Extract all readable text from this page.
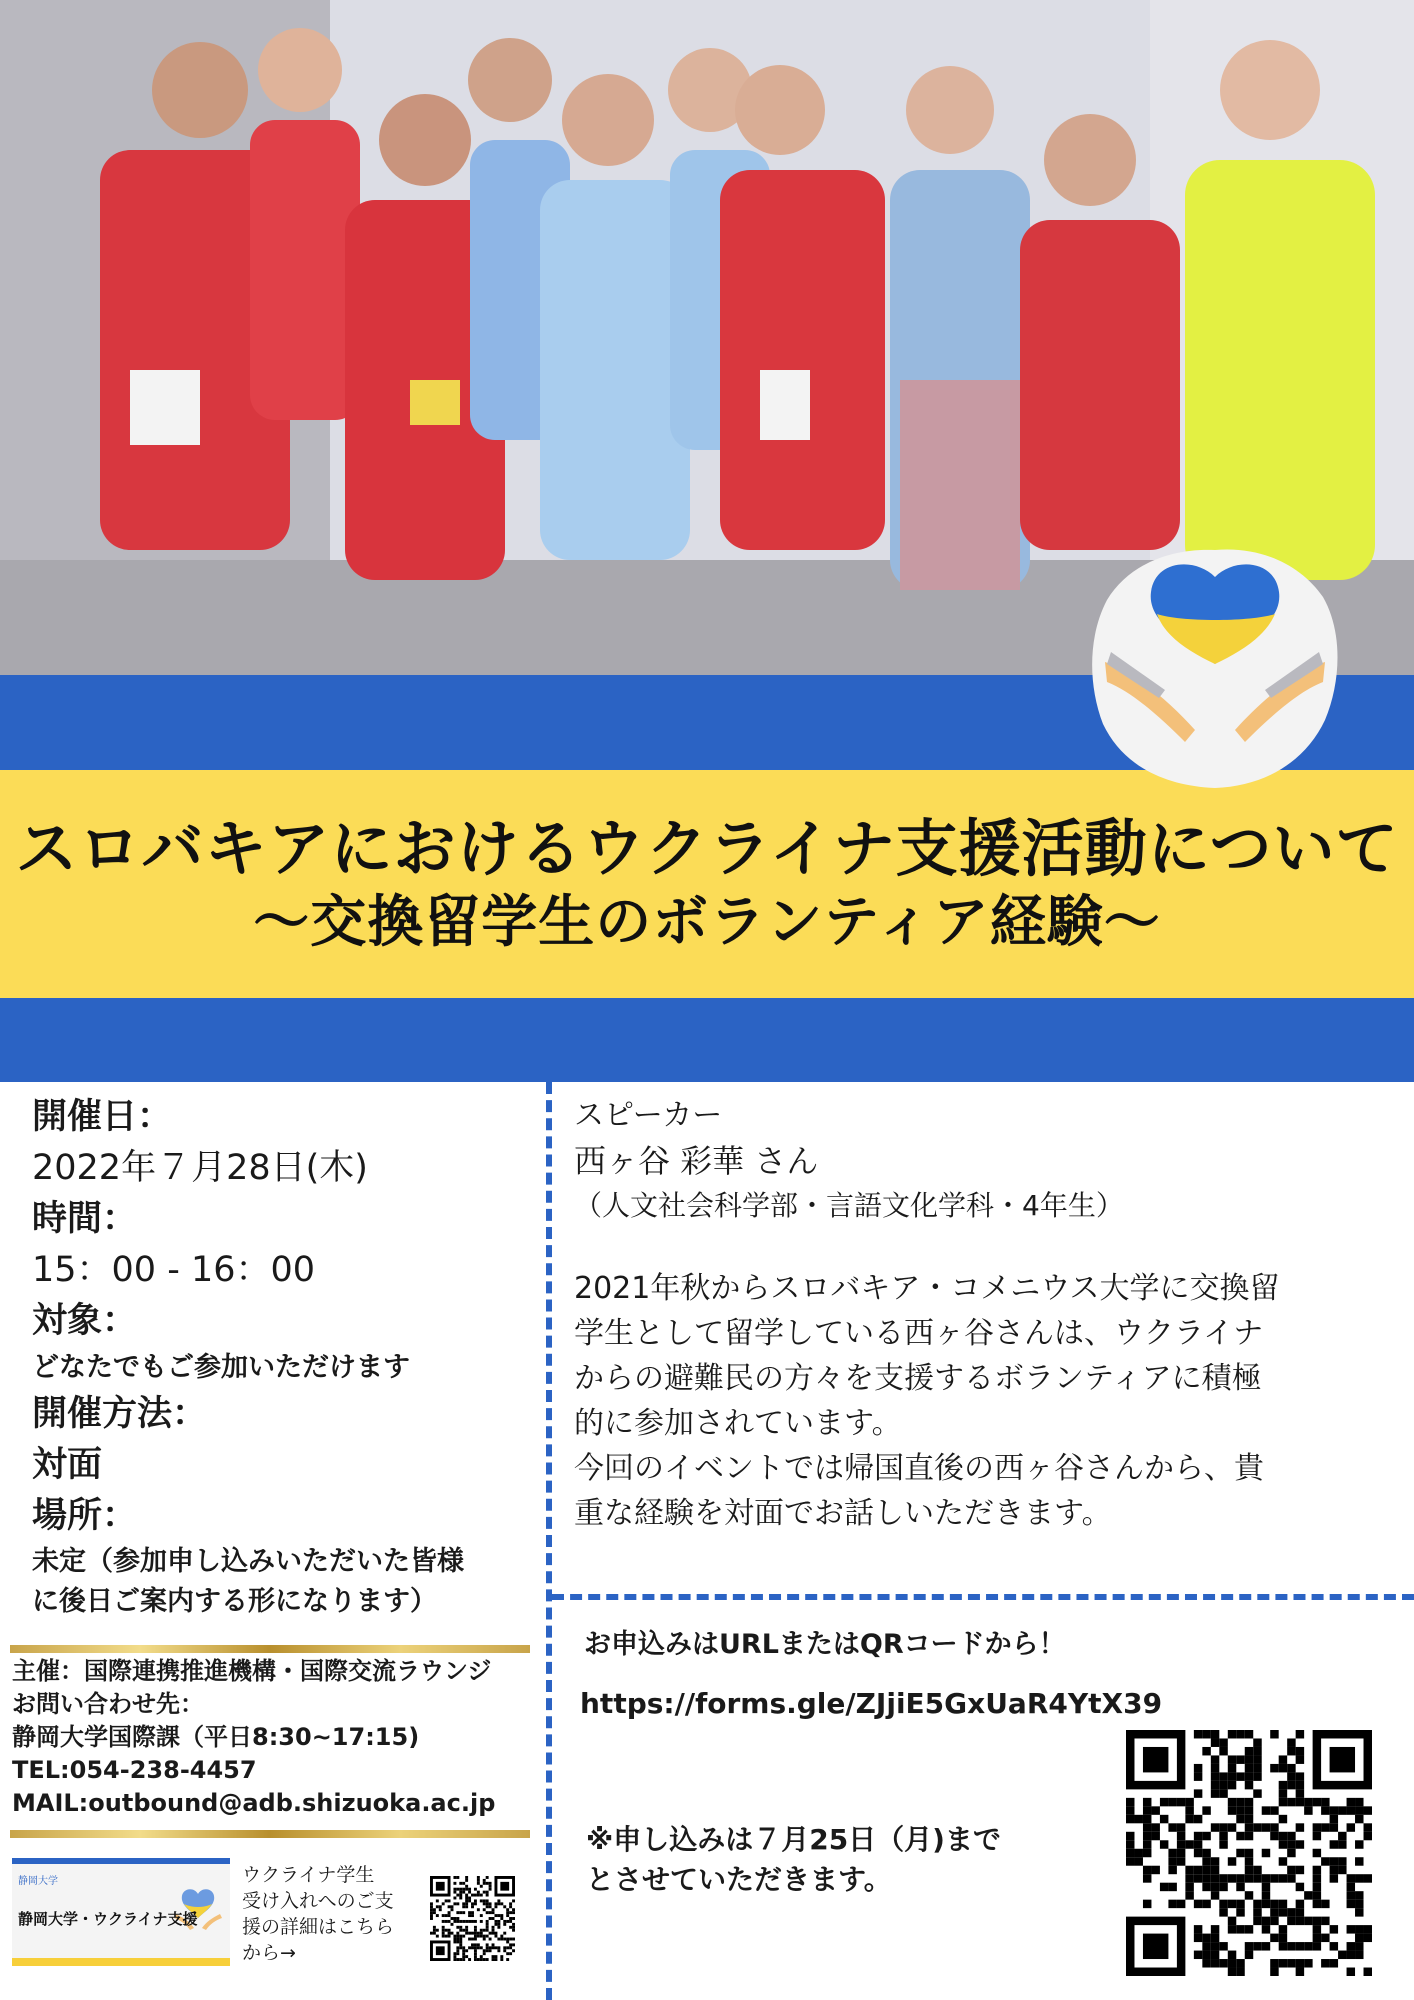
スロバキアにおけるウクライナ支援活動について
〜交換留学生のボランティア経験〜
開催日：
2022年７月28日(木)
時間：
15：00 - 16：00
対象：
どなたでもご参加いただけます
開催方法：
対面
場所：
未定（参加申し込みいただいた皆様
に後日ご案内する形になります）
主催：国際連携推進機構・国際交流ラウンジ
お問い合わせ先：
静岡大学国際課（平日8:30~17:15)
TEL:054-238-4457
MAIL:outbound@adb.shizuoka.ac.jp
静岡大学
静岡大学・ウクライナ支援
ウクライナ学生
受け入れへのご支
援の詳細はこちら
から→
スピーカー
西ヶ谷 彩華 さん
（人文社会科学部・言語文化学科・4年生）
2021年秋からスロバキア・コメニウス大学に交換留
学生として留学している西ヶ谷さんは、ウクライナ
からの避難民の方々を支援するボランティアに積極
的に参加されています。
今回のイベントでは帰国直後の西ヶ谷さんから、貴
重な経験を対面でお話しいただきます。
お申込みはURLまたはQRコードから！
https://forms.gle/ZJjiE5GxUaR4YtX39
※申し込みは７月25日（月)まで
とさせていただきます。
